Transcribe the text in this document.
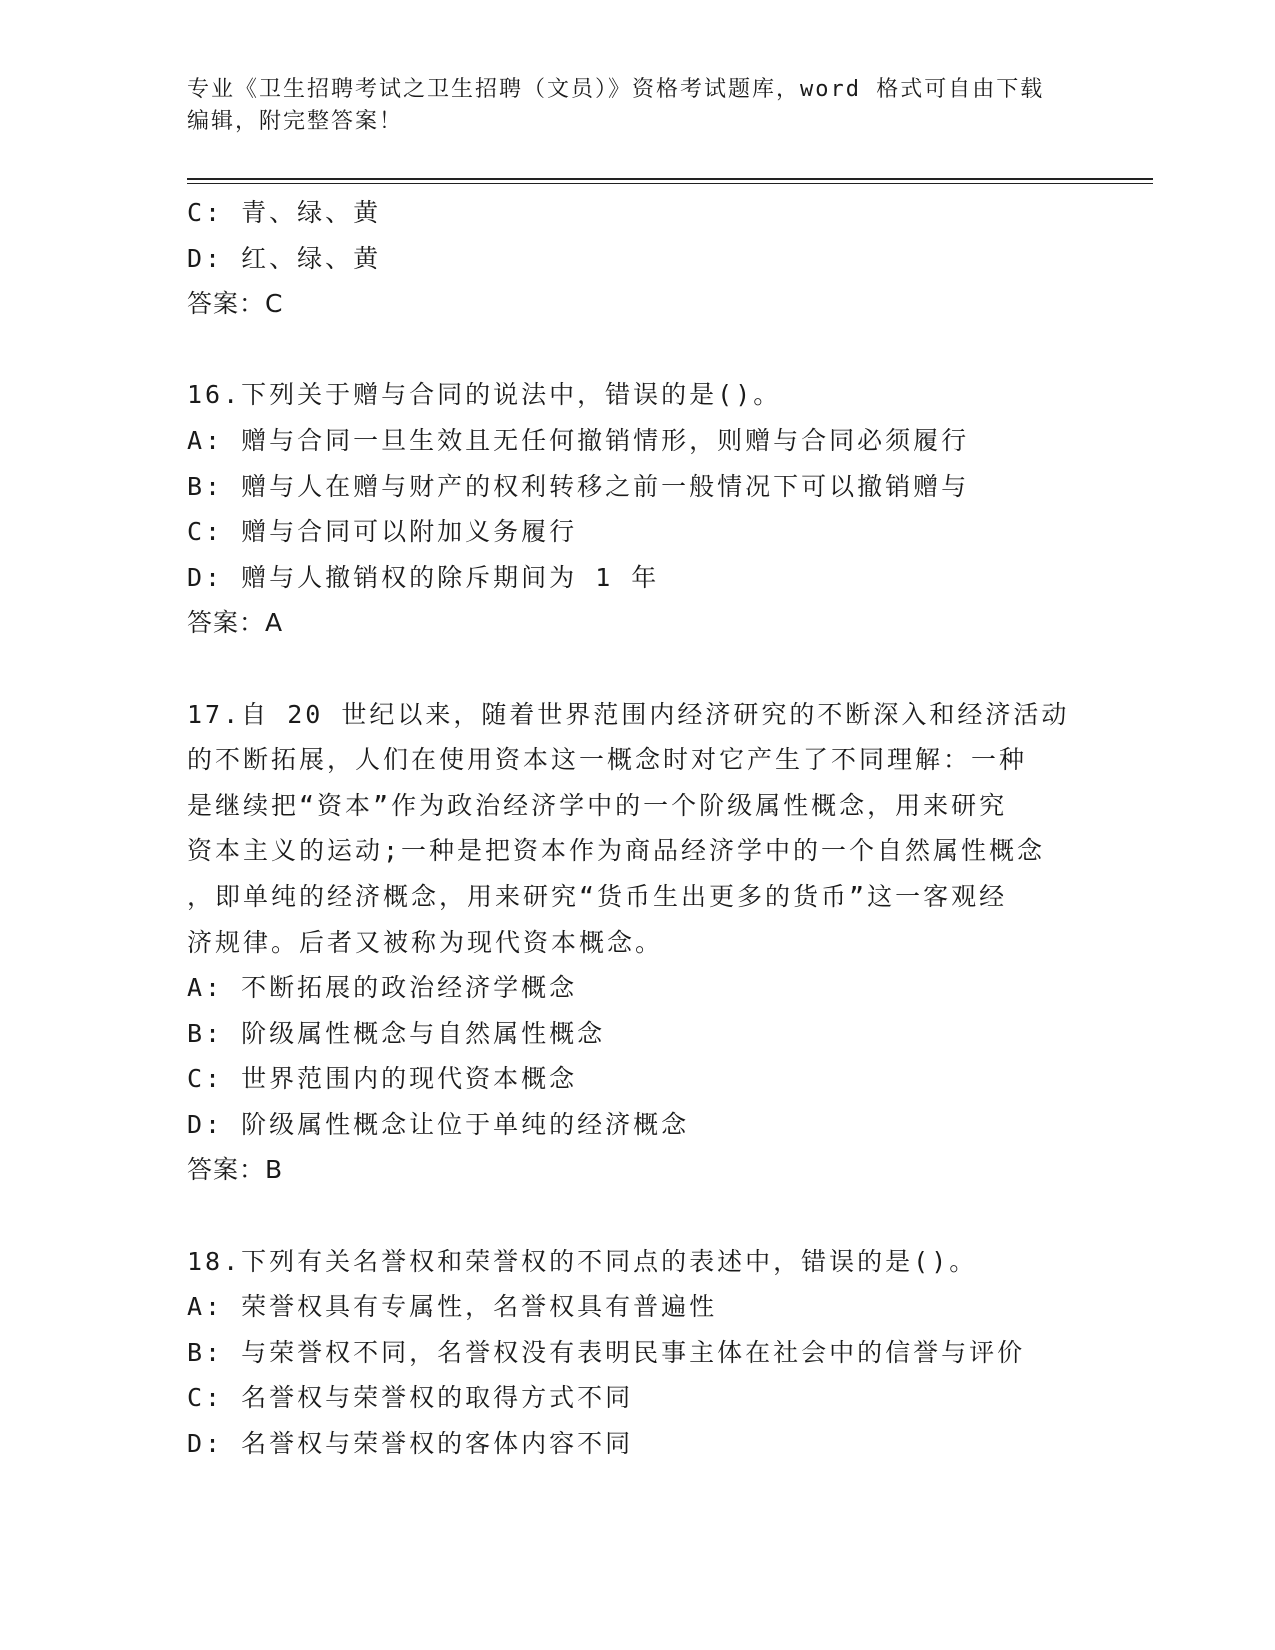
专业《卫生招聘考试之卫生招聘（文员）》资格考试题库，word 格式可自由下载
编辑，附完整答案！
C: 青、绿、黄
D: 红、绿、黄
答案：C
16.下列关于赠与合同的说法中，错误的是()。
A: 赠与合同一旦生效且无任何撤销情形，则赠与合同必须履行
B: 赠与人在赠与财产的权利转移之前一般情况下可以撤销赠与
C: 赠与合同可以附加义务履行
D: 赠与人撤销权的除斥期间为 1 年
答案：A
17.自 20 世纪以来，随着世界范围内经济研究的不断深入和经济活动
的不断拓展，人们在使用资本这一概念时对它产生了不同理解：一种
是继续把“资本”作为政治经济学中的一个阶级属性概念，用来研究
资本主义的运动;一种是把资本作为商品经济学中的一个自然属性概念
，即单纯的经济概念，用来研究“货币生出更多的货币”这一客观经
济规律。后者又被称为现代资本概念。
A: 不断拓展的政治经济学概念
B: 阶级属性概念与自然属性概念
C: 世界范围内的现代资本概念
D: 阶级属性概念让位于单纯的经济概念
答案：B
18.下列有关名誉权和荣誉权的不同点的表述中，错误的是()。
A: 荣誉权具有专属性，名誉权具有普遍性
B: 与荣誉权不同，名誉权没有表明民事主体在社会中的信誉与评价
C: 名誉权与荣誉权的取得方式不同
D: 名誉权与荣誉权的客体内容不同
